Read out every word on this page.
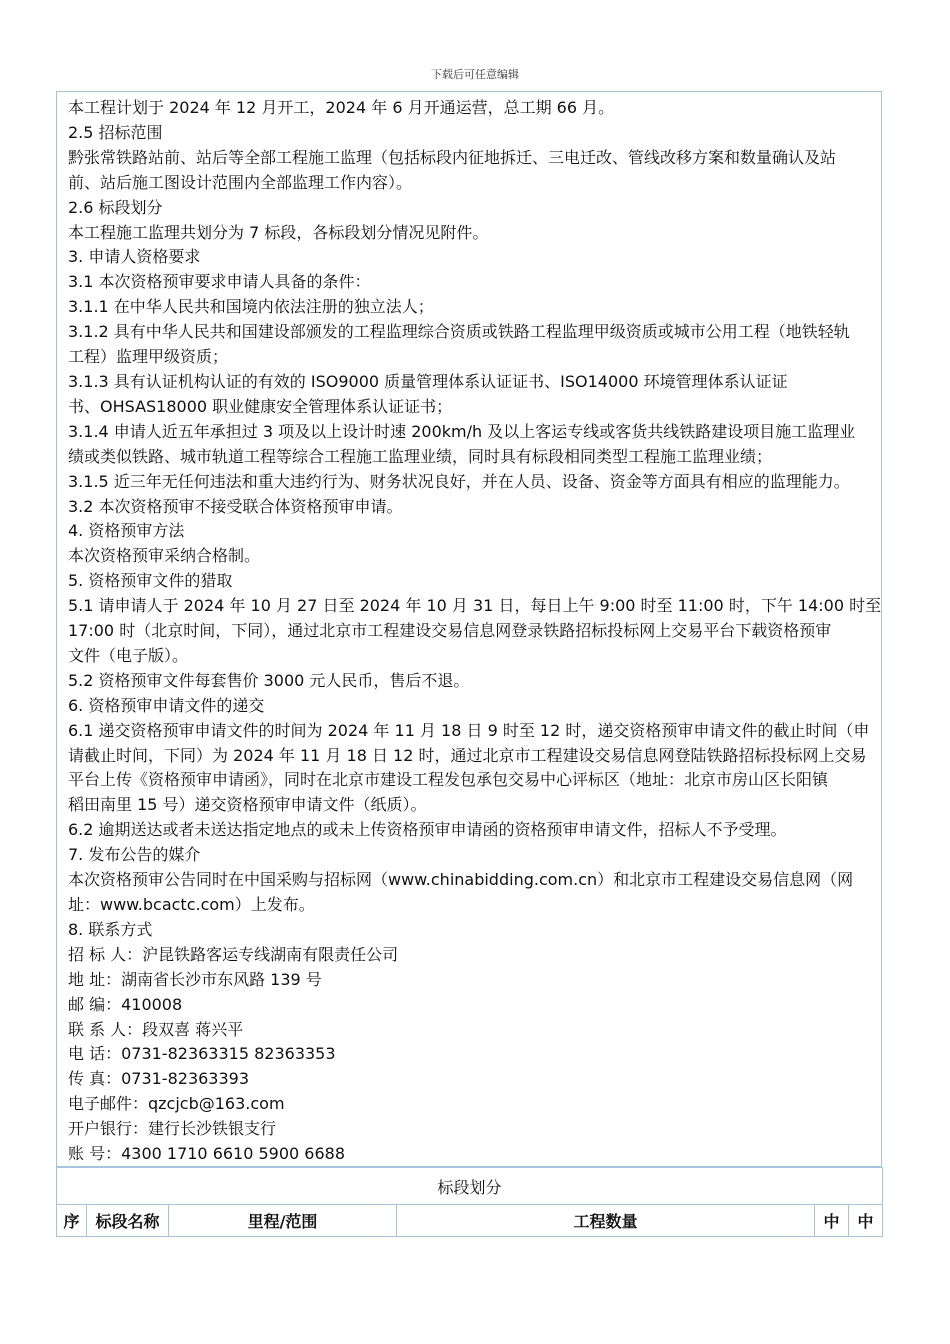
下载后可任意编辑
本工程计划于 2024 年 12 月开工，2024 年 6 月开通运营，总工期 66 月。
2.5 招标范围
黔张常铁路站前、站后等全部工程施工监理（包括标段内征地拆迁、三电迁改、管线改移方案和数量确认及站
前、站后施工图设计范围内全部监理工作内容）。
2.6 标段划分
本工程施工监理共划分为 7 标段，各标段划分情况见附件。
3. 申请人资格要求
3.1 本次资格预审要求申请人具备的条件：
3.1.1 在中华人民共和国境内依法注册的独立法人；
3.1.2 具有中华人民共和国建设部颁发的工程监理综合资质或铁路工程监理甲级资质或城市公用工程（地铁轻轨
工程）监理甲级资质；
3.1.3 具有认证机构认证的有效的 ISO9000 质量管理体系认证证书、ISO14000 环境管理体系认证证
书、OHSAS18000 职业健康安全管理体系认证证书；
3.1.4 申请人近五年承担过 3 项及以上设计时速 200km/h 及以上客运专线或客货共线铁路建设项目施工监理业
绩或类似铁路、城市轨道工程等综合工程施工监理业绩，同时具有标段相同类型工程施工监理业绩；
3.1.5 近三年无任何违法和重大违约行为、财务状况良好，并在人员、设备、资金等方面具有相应的监理能力。
3.2 本次资格预审不接受联合体资格预审申请。
4. 资格预审方法
本次资格预审采纳合格制。
5. 资格预审文件的猎取
5.1 请申请人于 2024 年 10 月 27 日至 2024 年 10 月 31 日，每日上午 9:00 时至 11:00 时，下午 14:00 时至
17:00 时（北京时间，下同），通过北京市工程建设交易信息网登录铁路招标投标网上交易平台下载资格预审
文件（电子版）。
5.2 资格预审文件每套售价 3000 元人民币，售后不退。
6. 资格预审申请文件的递交
6.1 递交资格预审申请文件的时间为 2024 年 11 月 18 日 9 时至 12 时，递交资格预审申请文件的截止时间（申
请截止时间，下同）为 2024 年 11 月 18 日 12 时，通过北京市工程建设交易信息网登陆铁路招标投标网上交易
平台上传《资格预审申请函》，同时在北京市建设工程发包承包交易中心评标区（地址：北京市房山区长阳镇
稻田南里 15 号）递交资格预审申请文件（纸质）。
6.2 逾期送达或者未送达指定地点的或未上传资格预审申请函的资格预审申请文件，招标人不予受理。
7. 发布公告的媒介
本次资格预审公告同时在中国采购与招标网（www.chinabidding.com.cn）和北京市工程建设交易信息网（网
址：www.bcactc.com）上发布。
8. 联系方式
招 标 人：沪昆铁路客运专线湖南有限责任公司
地 址：湖南省长沙市东风路 139 号
邮 编：410008
联 系 人：段双喜 蒋兴平
电 话：0731-82363315 82363353
传 真：0731-82363393
电子邮件：qzcjcb@163.com
开户银行：建行长沙铁银支行
账 号：4300 1710 6610 5900 6688
标段划分
序	标段名称	里程/范围	工程数量	中	中
